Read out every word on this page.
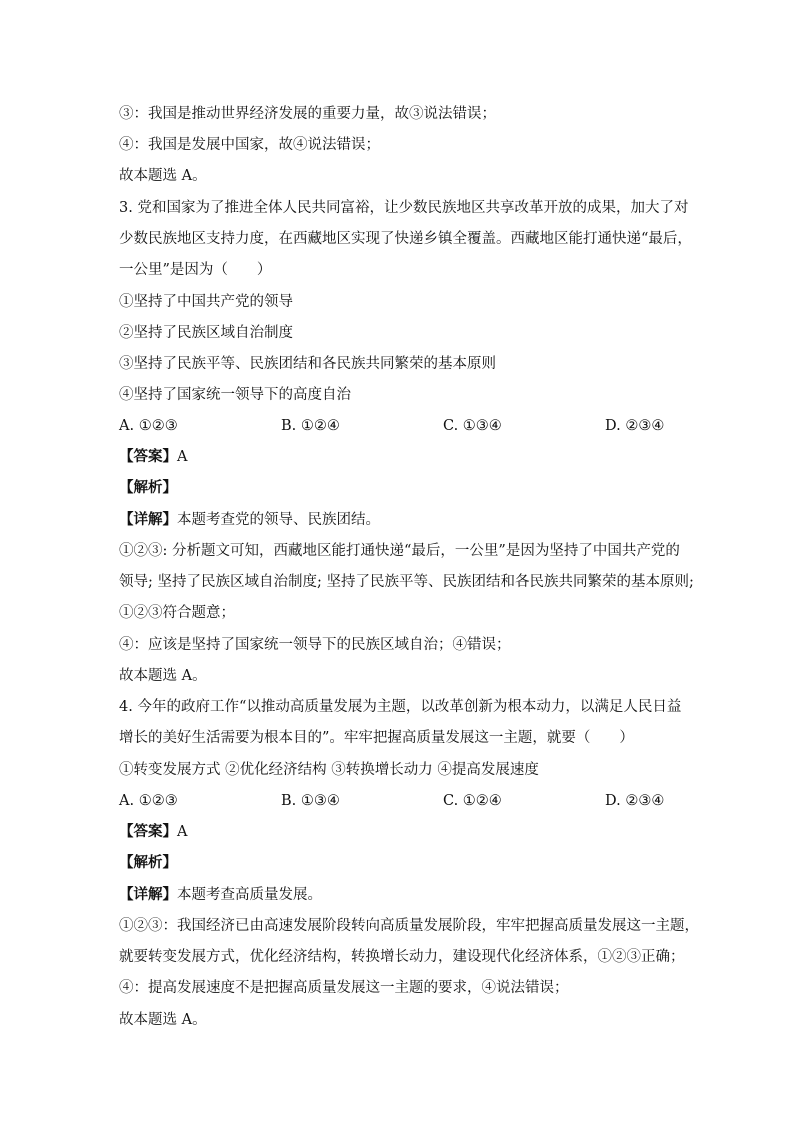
③：我国是推动世界经济发展的重要力量，故③说法错误；
④：我国是发展中国家，故④说法错误；
故本题选 A。
3. 党和国家为了推进全体人民共同富裕，让少数民族地区共享改革开放的成果，加大了对
少数民族地区支持力度，在西藏地区实现了快递乡镇全覆盖。西藏地区能打通快递“最后，
一公里”是因为（　　）
①坚持了中国共产党的领导
②坚持了民族区域自治制度
③坚持了民族平等、民族团结和各民族共同繁荣的基本原则
④坚持了国家统一领导下的高度自治
A. ①②③	B. ①②④	C. ①③④	D. ②③④
【答案】A
【解析】
【详解】本题考查党的领导、民族团结。
①②③: 分析题文可知，西藏地区能打通快递“最后，一公里”是因为坚持了中国共产党的
领导; 坚持了民族区域自治制度; 坚持了民族平等、民族团结和各民族共同繁荣的基本原则;
①②③符合题意；
④：应该是坚持了国家统一领导下的民族区域自治；④错误；
故本题选 A。
4. 今年的政府工作“以推动高质量发展为主题，以改革创新为根本动力，以满足人民日益
增长的美好生活需要为根本目的”。牢牢把握高质量发展这一主题，就要（　　）
①转变发展方式 ②优化经济结构 ③转换增长动力 ④提高发展速度
A. ①②③	B. ①③④	C. ①②④	D. ②③④
【答案】A
【解析】
【详解】本题考查高质量发展。
①②③：我国经济已由高速发展阶段转向高质量发展阶段，牢牢把握高质量发展这一主题，
就要转变发展方式，优化经济结构，转换增长动力，建设现代化经济体系，①②③正确；
④：提高发展速度不是把握高质量发展这一主题的要求，④说法错误；
故本题选 A。
